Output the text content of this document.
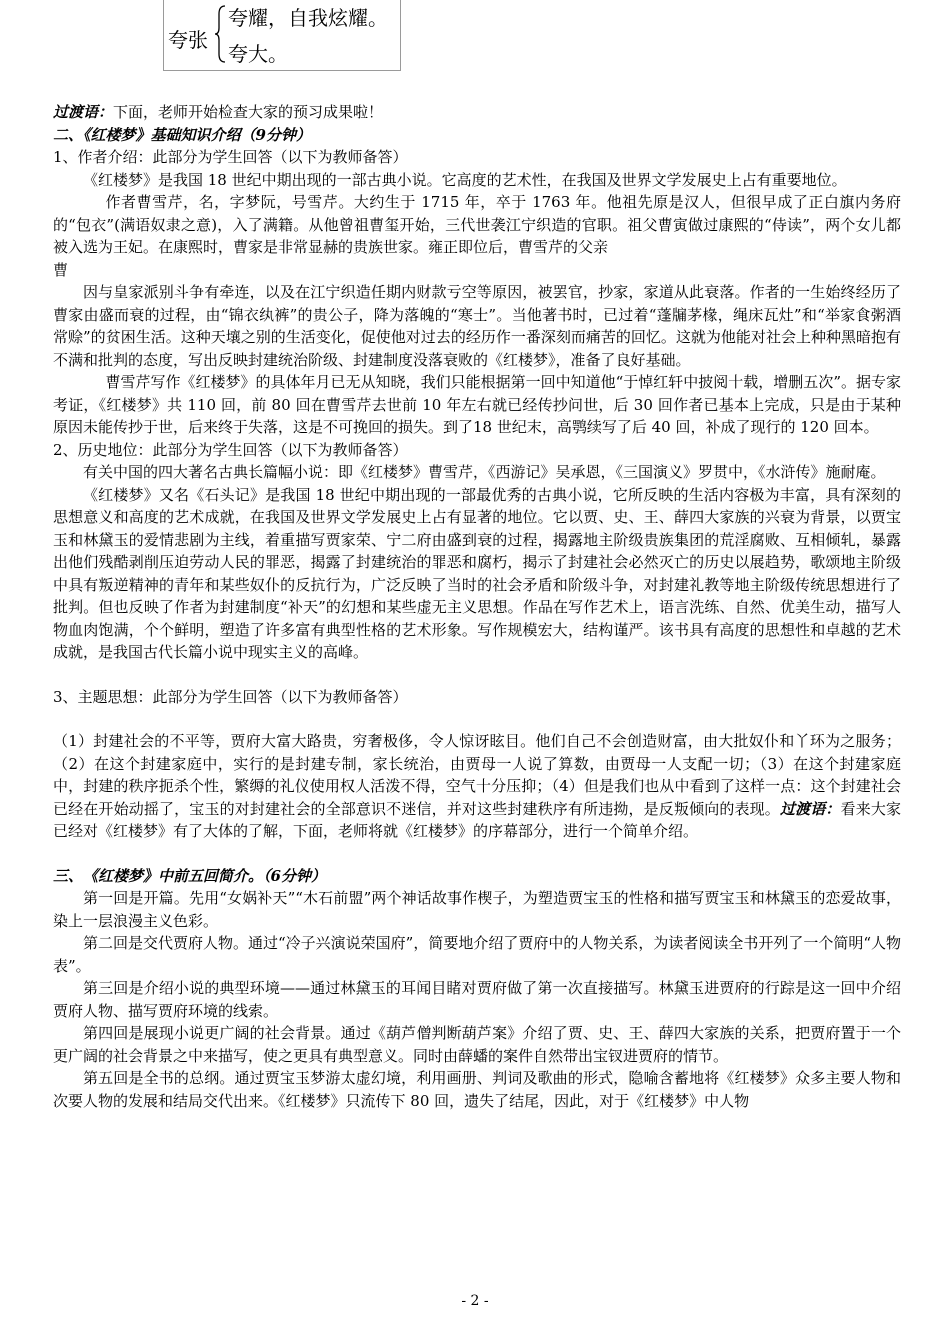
夸张
夸耀，自我炫耀。
夸大。

过渡语：下面，老师开始检查大家的预习成果啦！

二、《红楼梦》基础知识介绍（9分钟）

1、作者介绍：此部分为学生回答（以下为教师备答）

《红楼梦》是我国 18 世纪中期出现的一部古典小说。它高度的艺术性，在我国及世界文学发展史上占有重要地位。

作者曹雪芹，名，字梦阮，号雪芹。大约生于 1715 年，卒于 1763 年。他祖先原是汉人，但很早成了正白旗内务府的“包衣”(满语奴隶之意)，入了满籍。从他曾祖曹玺开始，三代世袭江宁织造的官职。祖父曹寅做过康熙的“侍读”，两个女儿都被入选为王妃。在康熙时，曹家是非常显赫的贵族世家。雍正即位后，曹雪芹的父亲

曹

因与皇家派别斗争有牵连，以及在江宁织造任期内财款亏空等原因，被罢官，抄家，家道从此衰落。作者的一生始终经历了曹家由盛而衰的过程，由“锦衣纨裤”的贵公子，降为落魄的“寒士”。当他著书时，已过着“蓬牖茅椽，绳床瓦灶”和“举家食粥酒常赊”的贫困生活。这种天壤之别的生活变化，促使他对过去的经历作一番深刻而痛苦的回忆。这就为他能对社会上种种黑暗抱有不满和批判的态度，写出反映封建统治阶级、封建制度没落衰败的《红楼梦》，准备了良好基础。

曹雪芹写作《红楼梦》的具体年月已无从知晓，我们只能根据第一回中知道他“于悼红轩中披阅十载，增删五次”。据专家考证，《红楼梦》共 110 回，前 80 回在曹雪芹去世前 10 年左右就已经传抄问世，后 30 回作者已基本上完成，只是由于某种原因未能传抄于世，后来终于失落，这是不可挽回的损失。到了18 世纪末，高鹗续写了后 40 回，补成了现行的 120 回本。

2、历史地位：此部分为学生回答（以下为教师备答）

有关中国的四大著名古典长篇幅小说：即《红楼梦》曹雪芹，《西游记》吴承恩，《三国演义》罗贯中，《水浒传》施耐庵。

《红楼梦》又名《石头记》是我国 18 世纪中期出现的一部最优秀的古典小说，它所反映的生活内容极为丰富，具有深刻的思想意义和高度的艺术成就，在我国及世界文学发展史上占有显著的地位。它以贾、史、王、薛四大家族的兴衰为背景，以贾宝玉和林黛玉的爱情悲剧为主线，着重描写贾家荣、宁二府由盛到衰的过程，揭露地主阶级贵族集团的荒淫腐败、互相倾轧，暴露出他们残酷剥削压迫劳动人民的罪恶，揭露了封建统治的罪恶和腐朽，揭示了封建社会必然灭亡的历史以展趋势，歌颂地主阶级中具有叛逆精神的青年和某些奴仆的反抗行为，广泛反映了当时的社会矛盾和阶级斗争，对封建礼教等地主阶级传统思想进行了批判。但也反映了作者为封建制度“补天”的幻想和某些虚无主义思想。作品在写作艺术上，语言洗练、自然、优美生动，描写人物血肉饱满，个个鲜明，塑造了许多富有典型性格的艺术形象。写作规模宏大，结构谨严。该书具有高度的思想性和卓越的艺术成就，是我国古代长篇小说中现实主义的高峰。

3、主题思想：此部分为学生回答（以下为教师备答）

（1）封建社会的不平等，贾府大富大路贵，穷奢极侈，令人惊讶眩目。他们自己不会创造财富，由大批奴仆和丫环为之服务；（2）在这个封建家庭中，实行的是封建专制，家长统治，由贾母一人说了算数，由贾母一人支配一切；（3）在这个封建家庭中，封建的秩序扼杀个性，繁缛的礼仪使用权人活泼不得，空气十分压抑；（4）但是我们也从中看到了这样一点：这个封建社会已经在开始动摇了，宝玉的对封建社会的全部意识不迷信，并对这些封建秩序有所违拗，是反叛倾向的表现。过渡语：看来大家已经对《红楼梦》有了大体的了解，下面，老师将就《红楼梦》的序幕部分，进行一个简单介绍。

三、　《红楼梦》中前五回简介。（6分钟）

第一回是开篇。先用“女娲补天”“木石前盟”两个神话故事作楔子，为塑造贾宝玉的性格和描写贾宝玉和林黛玉的恋爱故事，染上一层浪漫主义色彩。

第二回是交代贾府人物。通过“冷子兴演说荣国府”，简要地介绍了贾府中的人物关系，为读者阅读全书开列了一个简明“人物表”。

第三回是介绍小说的典型环境——通过林黛玉的耳闻目睹对贾府做了第一次直接描写。林黛玉进贾府的行踪是这一回中介绍贾府人物、描写贾府环境的线索。

第四回是展现小说更广阔的社会背景。通过《葫芦僧判断葫芦案》介绍了贾、史、王、薛四大家族的关系，把贾府置于一个更广阔的社会背景之中来描写，使之更具有典型意义。同时由薛蟠的案件自然带出宝钗进贾府的情节。

第五回是全书的总纲。通过贾宝玉梦游太虚幻境，利用画册、判词及歌曲的形式，隐喻含蓄地将《红楼梦》众多主要人物和次要人物的发展和结局交代出来。《红楼梦》只流传下 80 回，遗失了结尾，因此，对于《红楼梦》中人物

- 2 -
